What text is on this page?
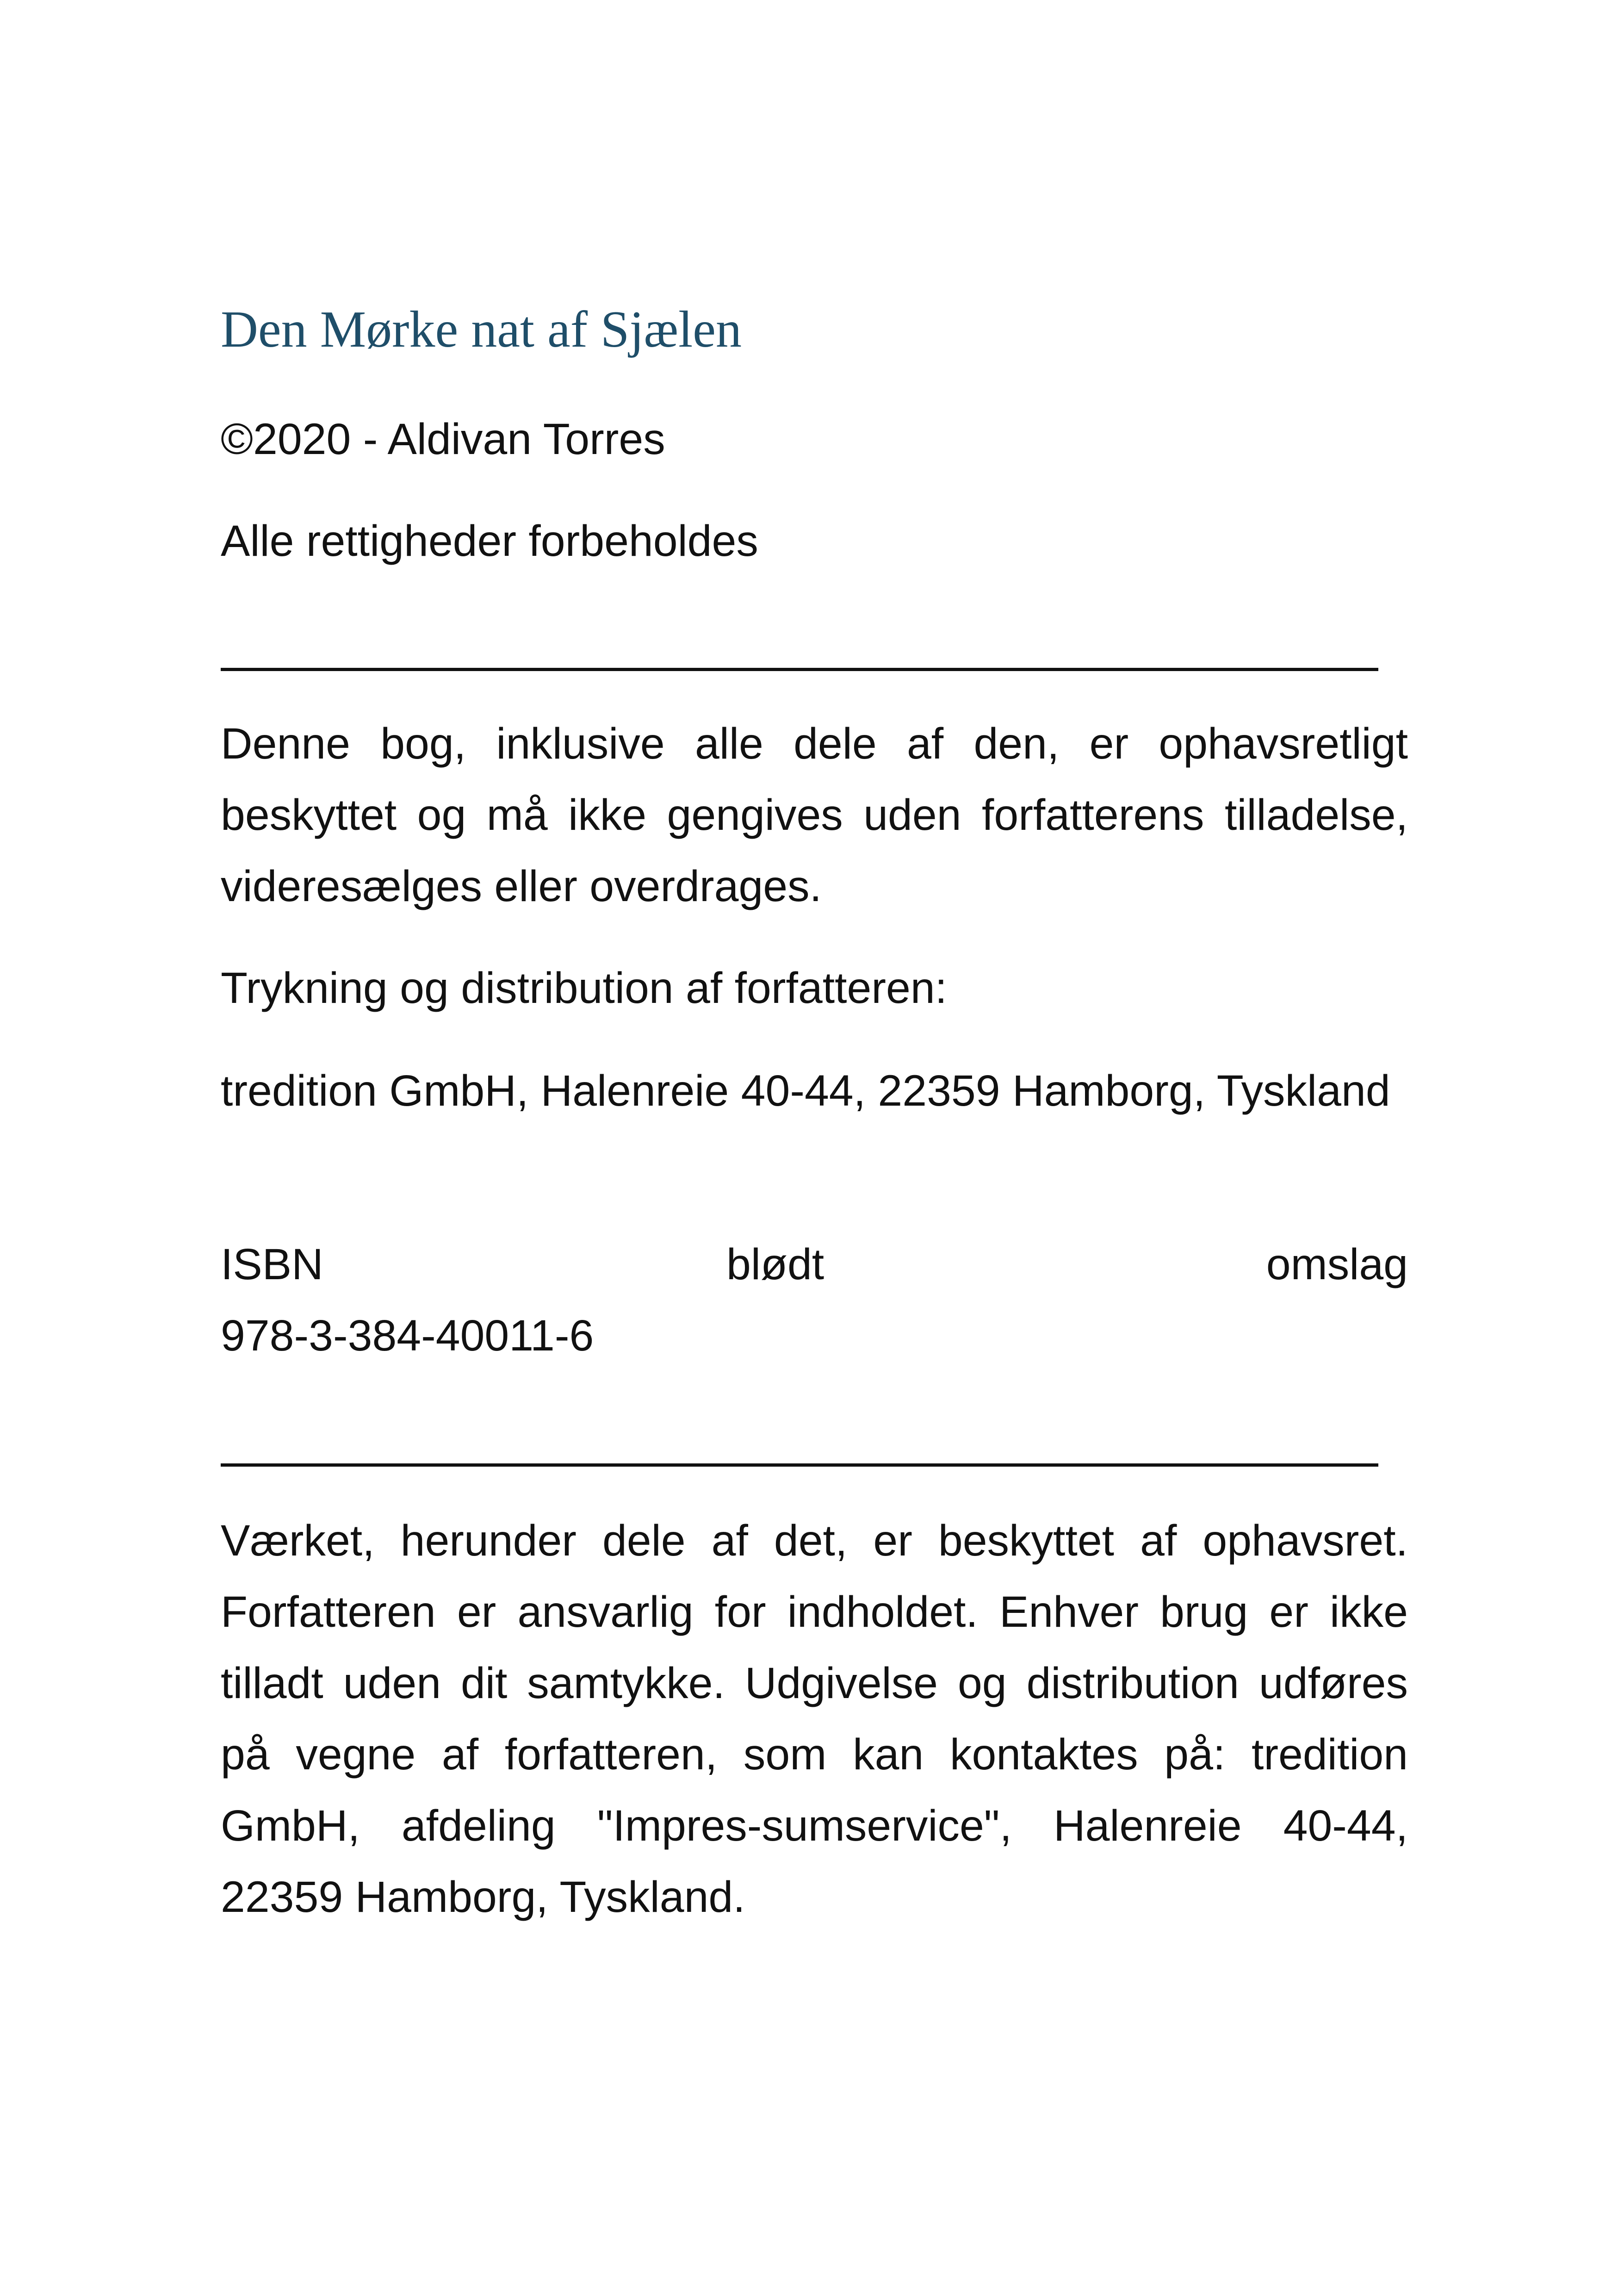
Den Mørke nat af Sjælen
©2020 - Aldivan Torres
Alle rettigheder forbeholdes
Denne bog, inklusive alle dele af den, er ophavsretligt beskyttet og må ikke gengives uden forfatterens tilladelse, videresælges eller overdrages.
Trykning og distribution af forfatteren:
tredition GmbH, Halenreie 40-44, 22359 Hamborg, Tyskland
ISBN	blødt	omslag
978-3-384-40011-6
Værket, herunder dele af det, er beskyttet af ophavsret. Forfatteren er ansvarlig for indholdet. Enhver brug er ikke tilladt uden dit samtykke. Udgivelse og distribution udføres på vegne af forfatteren, som kan kontaktes på: tredition GmbH, afdeling "Impres-sumservice", Halenreie 40-44, 22359 Hamborg, Tyskland.
